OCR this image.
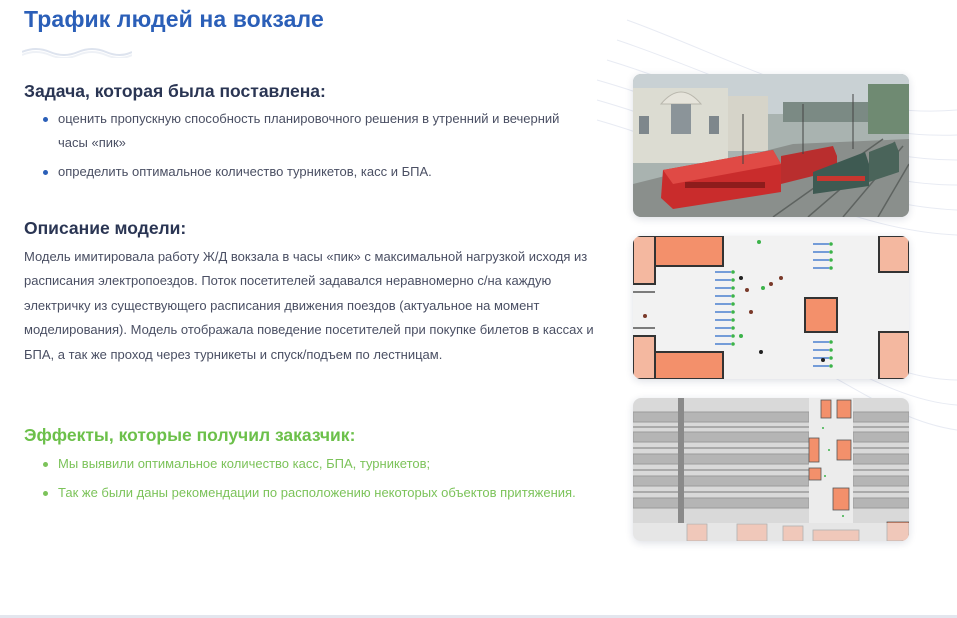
Трафик людей на вокзале
Задача, которая была поставлена:
оценить пропускную способность планировочного решения в утренний и вечерний часы «пик»
определить оптимальное количество турникетов, касс и БПА.
Описание модели:

Модель имитировала работу Ж/Д вокзала в часы «пик» с максимальной нагрузкой исходя из расписания электропоездов. Поток посетителей задавался неравномерно с/на каждую электричку из существующего расписания движения поездов (актуальное на момент моделирования). Модель отображала поведение посетителей при покупке билетов в кассах и БПА, а так же проход через турникеты и спуск/подъем по лестницам.

Эффекты, которые получил заказчик:
Мы выявили оптимальное количество касс, БПА, турникетов;
Так же были даны рекомендации по расположению некоторых объектов притяжения.
